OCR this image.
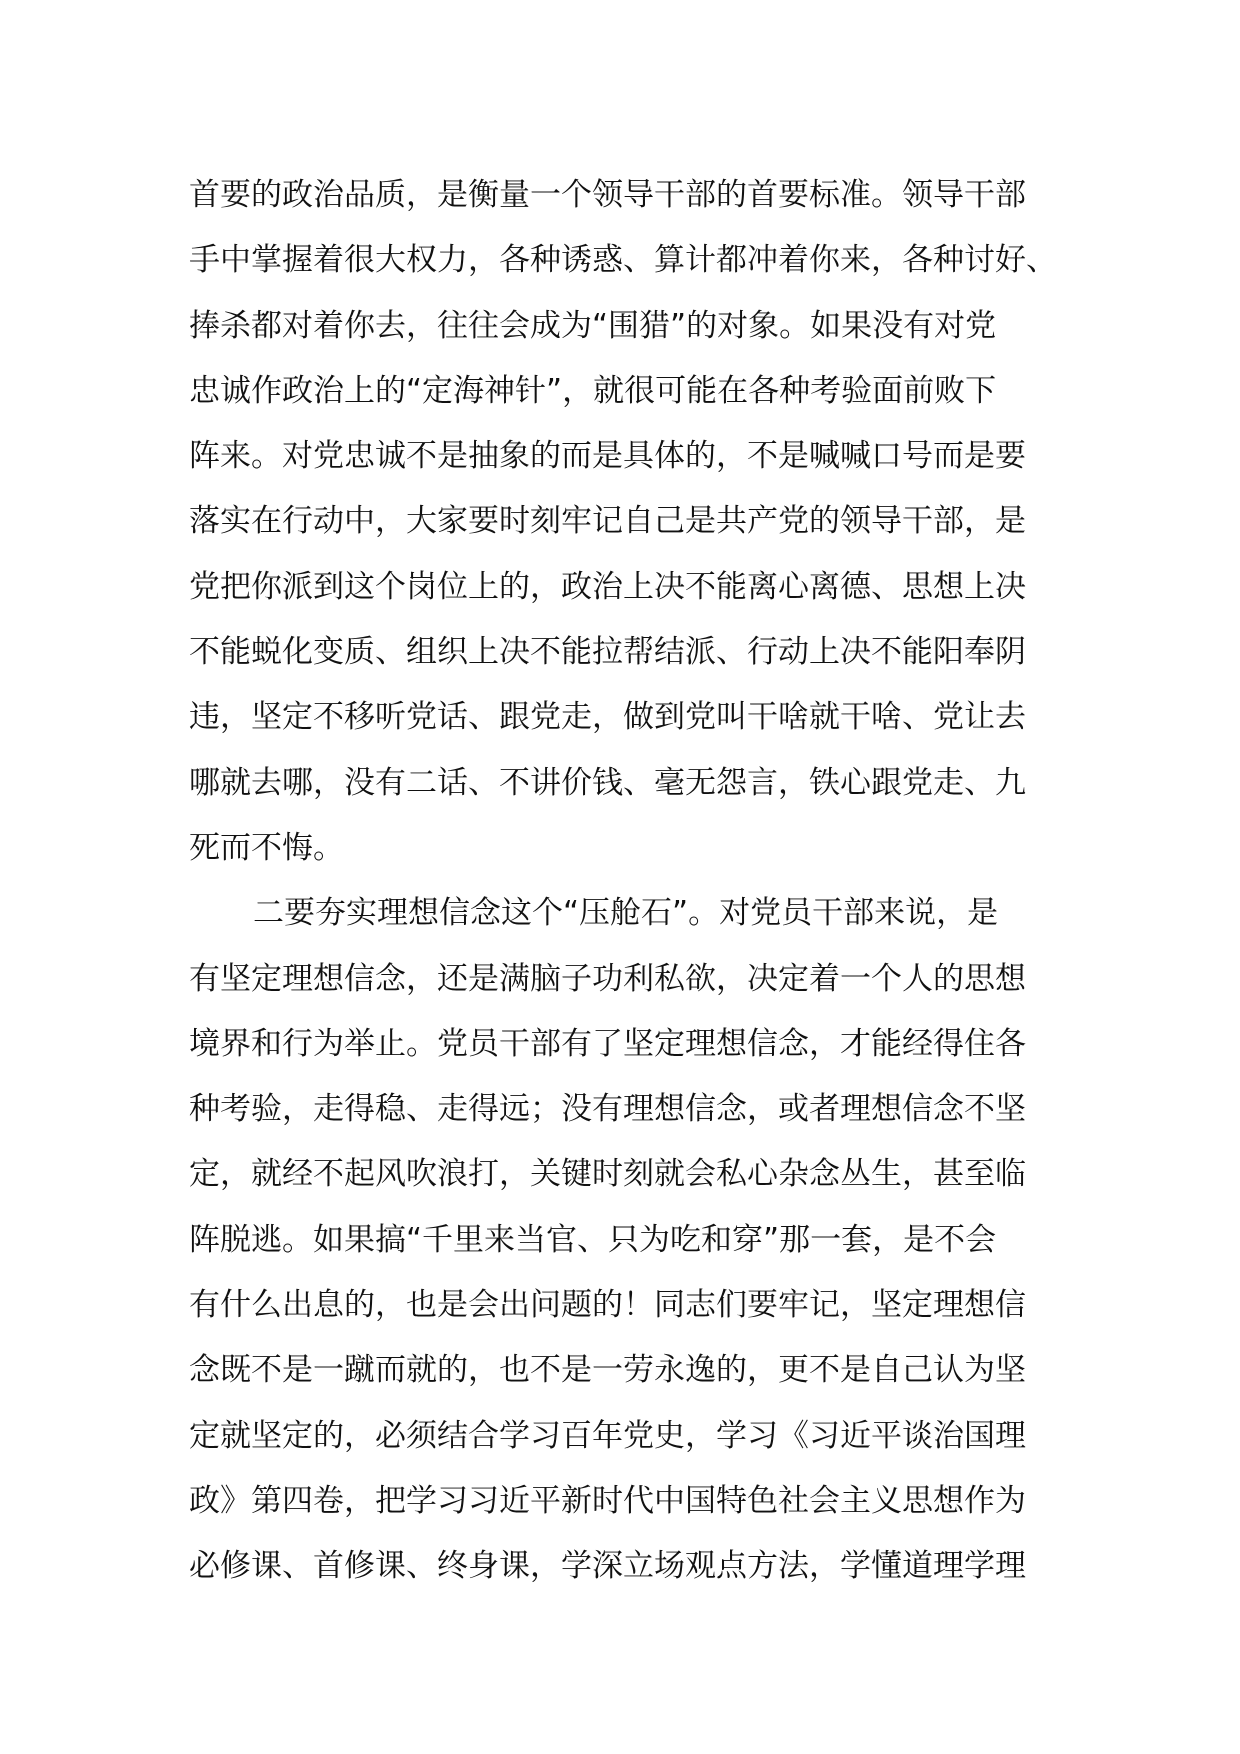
首要的政治品质，是衡量一个领导干部的首要标准。领导干部
手中掌握着很大权力，各种诱惑、算计都冲着你来，各种讨好、
捧杀都对着你去，往往会成为“围猎”的对象。如果没有对党
忠诚作政治上的“定海神针”，就很可能在各种考验面前败下
阵来。对党忠诚不是抽象的而是具体的，不是喊喊口号而是要
落实在行动中，大家要时刻牢记自己是共产党的领导干部，是
党把你派到这个岗位上的，政治上决不能离心离德、思想上决
不能蜕化变质、组织上决不能拉帮结派、行动上决不能阳奉阴
违，坚定不移听党话、跟党走，做到党叫干啥就干啥、党让去
哪就去哪，没有二话、不讲价钱、毫无怨言，铁心跟党走、九
死而不悔。
二要夯实理想信念这个“压舱石”。对党员干部来说，是
有坚定理想信念，还是满脑子功利私欲，决定着一个人的思想
境界和行为举止。党员干部有了坚定理想信念，才能经得住各
种考验，走得稳、走得远；没有理想信念，或者理想信念不坚
定，就经不起风吹浪打，关键时刻就会私心杂念丛生，甚至临
阵脱逃。如果搞“千里来当官、只为吃和穿”那一套，是不会
有什么出息的，也是会出问题的！同志们要牢记，坚定理想信
念既不是一蹴而就的，也不是一劳永逸的，更不是自己认为坚
定就坚定的，必须结合学习百年党史，学习《习近平谈治国理
政》第四卷，把学习习近平新时代中国特色社会主义思想作为
必修课、首修课、终身课，学深立场观点方法，学懂道理学理
